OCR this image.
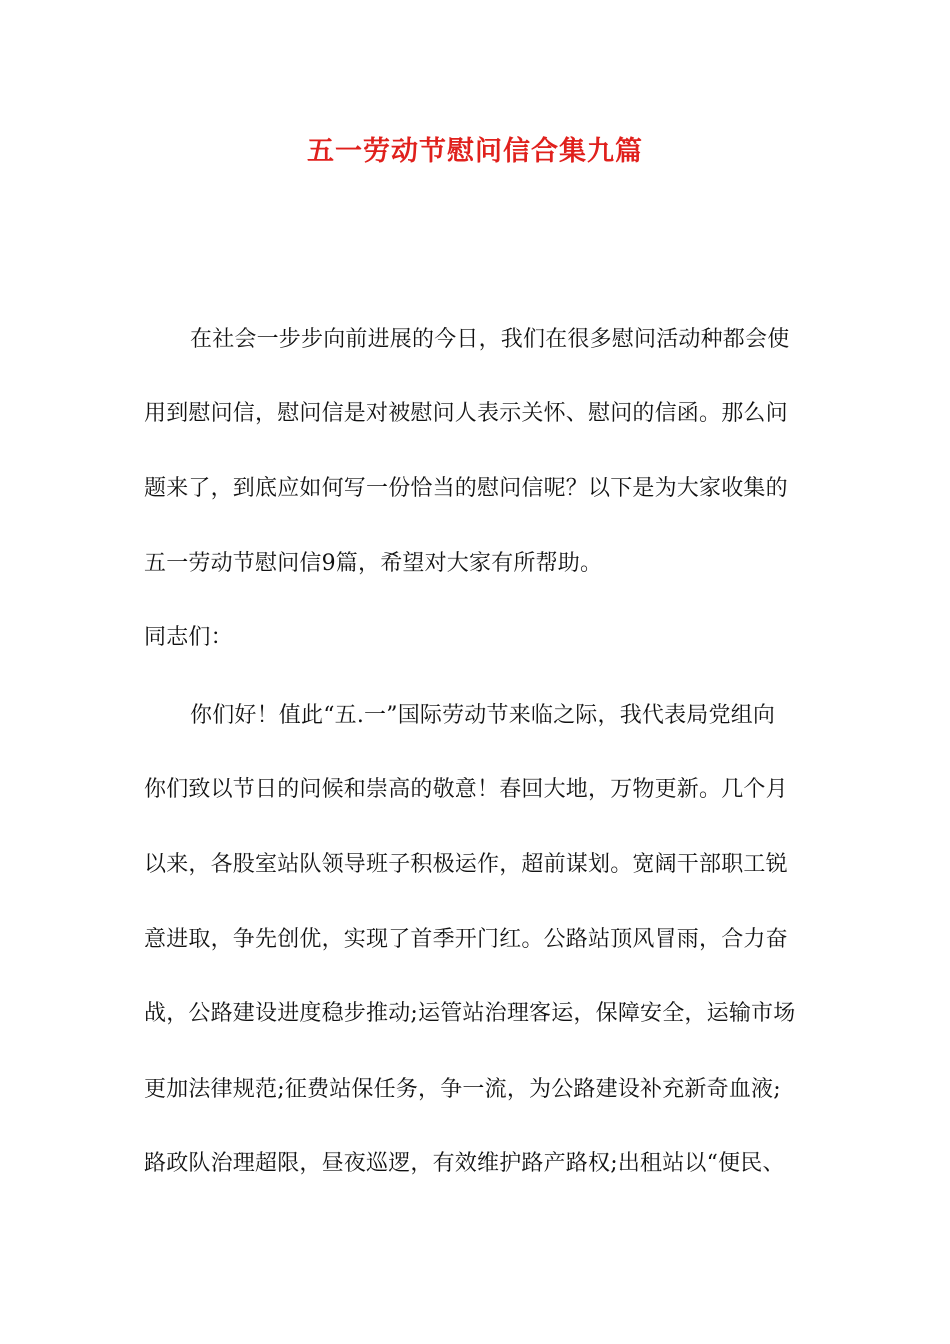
五一劳动节慰问信合集九篇
在社会一步步向前进展的今日，我们在很多慰问活动种都会使
用到慰问信，慰问信是对被慰问人表示关怀、慰问的信函。那么问
题来了，到底应如何写一份恰当的慰问信呢？以下是为大家收集的
五一劳动节慰问信9篇，希望对大家有所帮助。
同志们：
你们好！值此“五.一”国际劳动节来临之际，我代表局党组向
你们致以节日的问候和崇高的敬意！春回大地，万物更新。几个月
以来，各股室站队领导班子积极运作，超前谋划。宽阔干部职工锐
意进取，争先创优，实现了首季开门红。公路站顶风冒雨，合力奋
战，公路建设进度稳步推动;运管站治理客运，保障安全，运输市场
更加法律规范;征费站保任务，争一流，为公路建设补充新奇血液;
路政队治理超限，昼夜巡逻，有效维护路产路权;出租站以“便民、
